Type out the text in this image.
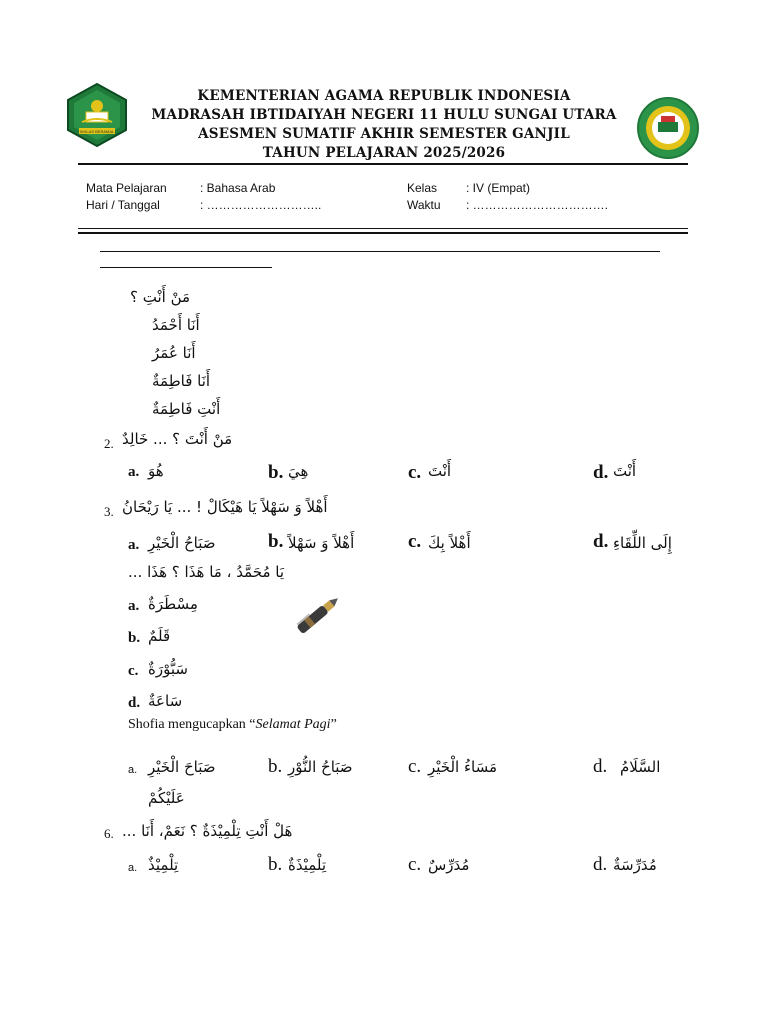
IKHLAS BERAMAL
KEMENTERIAN AGAMA REPUBLIK INDONESIA
MADRASAH IBTIDAIYAH NEGERI 11 HULU SUNGAI UTARA
ASESMEN SUMATIF AKHIR SEMESTER GANJIL
TAHUN PELAJARAN 2025/2026
Mata Pelajaran	: Bahasa Arab
Hari / Tanggal	: ………………………..
Kelas : IV (Empat)
Waktu : …………………………….
مَنْ أَنْتِ ؟
أَنَا أَحْمَدُ
أَنَا عُمَرُ
أَنَا فَاطِمَةٌ
أَنْتِ فَاطِمَةٌ
2. مَنْ أَنْتَ ؟ ... خَالِدٌ
a. هُوَ	b. هِيَ	c. أَنْتَ	d. أَنْتَ
3. أَهْلاً وَ سَهْلاً يَا هَيْكَالْ ! ... يَا رَيْحَانُ
a. صَبَاحُ الْخَيْرِ	b. أَهْلاً وَ سَهْلاً	c. أَهْلاً بِكَ	d. إِلَى اللِّقَاءِ
يَا مُحَمَّدُ ، مَا هَذَا ؟ هَذَا ...
a. مِسْطَرَةٌ
b. قَلَمٌ
c. سَبُّوْرَةٌ
d. سَاعَةٌ
Shofia mengucapkan “Selamat Pagi”
a. صَبَاحَ الْخَيْرِ	b. صَبَاحُ النُّوْرِ	c. مَسَاءُ الْخَيْرِ	d. السَّلَامُ
عَلَيْكُمْ
6. هَلْ أَنْتِ تِلْمِيْذَةٌ ؟ نَعَمْ، أَنَا ...
a. تِلْمِيْذٌ	b. تِلْمِيْذَةٌ	c. مُدَرِّسٌ	d. مُدَرِّسَةٌ
